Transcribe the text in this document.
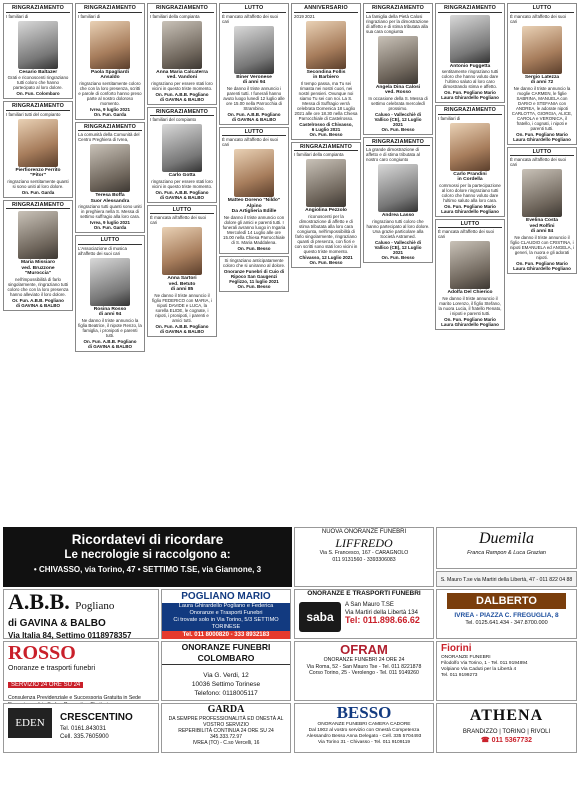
RINGRAZIAMENTO
I familiari di
Cesario Baltazer
Grati e riconoscenti ringraziano tutti coloro che hanno partecipato al loro dolore.
On. Fun. Colombaro
RINGRAZIAMENTO
I familiari tutti del compianto
Pierfiorenzo Ferrito
"Pitor"
ringraziano sentitamente quanti si sono uniti al loro dolore.
On. Fun. Garda
RINGRAZIAMENTO
Maria Missiaro
ved. Bruzzone
"Muroccia"
nell'impossibilità di farlo singolarmente, ringraziano tutti coloro che con la loro presenza hanno alleviato il loro dolore.
Or. Fun. A.B.B. Pogliano
di GAVINA & BALBO
RINGRAZIAMENTO
I familiari di
Paola Spagliardi
Ansaldo
ringraziano sentitamente coloro che con la loro presenza, scritti e parole di conforto hanno preso parte al nostro doloroso momento.
Ivrea, 9 luglio 2021
On. Fun. Garda
RINGRAZIAMENTO
La comunità della Comunità del Centro Preghiera di Ivrea,
Teresa Boffa
Suor Alessandra
ringraziano tutti quanti sono uniti in preghiera nella S. Messa di settimo suffragio alla loro cara.
Ivrea, 9 luglio 2021
On. Fun. Garda
LUTTO
L'Associazione di musica all'affetto dei suoi cari
Rosina Rosso
di anni 94
Ne danno il triste annuncio la figlia Beatrice, il nipote Renzo, la famiglia, i pronipoti e parenti tutti.
On. Fun. A.B.B. Pogliano
di GAVINA & BALBO
RINGRAZIAMENTO
I familiari della compianta
Anna Maria Calcaterra
ved. Vandoni
ringraziano per essere stati loro vicini in questo triste momento.
On. Fun. A.B.B. Pogliano
di GAVINA & BALBO
RINGRAZIAMENTO
I familiari del compianto
Carlo Gotta
ringraziano per essere stati loro vicini in questo triste momento.
On. Fun. A.B.B. Pogliano
di GAVINA & BALBO
LUTTO
È mancata all'affetto dei suoi cari
Anna Sartori
ved. Betuto
di anni 85
Ne danno il triste annuncio il figlio FEDERICO con MARIA, i nipoti DAVIDE e LUCA, la sorella ELIDE, le cognate, i nipoti, i pronipoti, i parenti e amici tutti.
On. Fun. A.B.B. Pogliano
di GAVINA & BALBO
LUTTO
È mancato all'affetto dei suoi cari
Biner Veronese
di anni 94
Ne danno il triste annuncio i parenti tutti. I funerali hanno avuto luogo lunedì 12 luglio alle ore 15.00 nella Parrocchia di Strambino.
On. Fun. A.B.B. Pogliano
di GAVINA & BALBO
LUTTO
È mancato all'affetto dei suoi cari
Matteo Doreno "Nildo"
Alpino
Da Artiglieria Edille
Ne danno il triste annuncio con dolore gli amici e parenti tutti. I funerali avranno luogo in Ingaria Mercoledì 14 Luglio alle ore 15.00 nella Chiesa Parrocchiale di S. Maria Maddalena.
On. Fun. Besso
Si ringraziano anticipatamente coloro che si uniranno al dolore.
Onoranze Funebri di Cuio di
Ripoco San Gaugenzi
Feglizzo, 11 luglio 2021
On. Fun. Besso
ANNIVERSARIO
2019 2021
Secondina Follis
in Barbiero
Il tempo passa, ma Tu sei rimasta nei nostri cuori, nei nostri pensieri. Ovunque noi siamo Tu sei con noi. La S. Messa di Suffragio verrà celebrata Domenica 18 Luglio 2021 alle ore 18.30 nella Chiesa Parrocchiale di Castelrosso.
Castelrosso di Chivasso,
6 Luglio 2021
On. Fun. Besso
RINGRAZIAMENTO
I familiari della compianta
Angiolina Pezzolo
riconoscenti per la dimostrazione di affetto e di stima tributata alla loro cara congiunta, nell'impossibilità di farlo singolarmente, ringraziano quanti di presenza, con fiori e con scritti sono stati loro vicini in questo triste momento.
Chivasso, 12 Luglio 2021
On. Fun. Besso
RINGRAZIAMENTO
La famiglia della Pietà Calosi ringraziano per la dimostrazione di affetto e di stima tributata alla sua cara congiunta
Angela Dina Calosi
ved. Rosso
In occasione della S. Messa di settimo celebrata mercoledì prossimo.
Caluso - Vallecchiè di
Vallico (CE), 12 Luglio
2021
On. Fun. Besso
RINGRAZIAMENTO
La grande dimostrazione di affetto e di stima tributata al nostro caro congiunto
Andrea Lasso
ringraziano tutti coloro che hanno partecipato al loro dolore. Una grazie particolare alla Società Astramed.
Caluso - Vallecchiè di
Vallico (CE), 12 Luglio
2021
On. Fun. Besso
RINGRAZIAMENTO
Antonio Fuggetta
sentitamente ringraziano tutti coloro che hanno voluto dare l'ultimo saluto al loro caro dimostrando stima e affetto.
On. Fun. Pogliano Mario
Laura Ghirardello Pogliano
RINGRAZIAMENTO
I familiari di
Carlo Prandini
in Cordella
commossi per la partecipazione al loro dolore ringraziano tutti coloro che hanno voluto dare l'ultimo saluto alla loro cara.
On. Fun. Pogliano Mario
Laura Ghirardello Pogliano
LUTTO
È mancata all'affetto dei suoi cari
Adolfa Del Chierico
Ne danno il triste annuncio il marito Lorenzo, il figlio Stefano, la nuora Lucia, il fratello Renato, i nipoti e parenti tutti.
On. Fun. Pogliano Mario
Laura Ghirardello Pogliano
LUTTO
È mancato all'affetto dei suoi cari
Sergio Latezza
di anni 72
Ne danno il triste annuncio la moglie CARMEN, le figlie SABRINA, MANUELA con DARIO e STEFANIA con ANDREA, le adorate nipoti CARLOTTA, GIORGIA, ALICE, CAROLA e VERONICA, il fratello, i cognati, i nipoti e parenti tutti.
On. Fun. Pogliano Mario
Laura Ghirardello Pogliano
LUTTO
È mancata all'affetto dei suoi cari
Evelina Costa
ved Rolfini
di anni 84
Ne danno il triste annuncio il figlio CLAUDIO con CRISTINA, i nipoti EMANUELA ed ANGELA, i generi, la nuora e gli adorati nipoti.
On. Fun. Pogliano Mario
Laura Ghirardello Pogliano
Ricordatevi di ricordare
Le necrologie si raccolgono a:
• CHIVASSO, via Torino, 47 • SETTIMO T.SE, via Giannone, 3
A.B.B. Pogliano
di GAVINA & BALBO
Via Italia 84, Settimo 0118978357
POGLIANO MARIO
Laura Ghirardello Pogliano e Federica
Onoranze e Trasporti Funebri
Ci trovate solo in Via Torino, 5/3 SETTIMO TORINESE
Tel. 011 8000820 - 333 8932183
ROSSO
Onoranze e trasporti funebri
SERVIZIO 24 ORE SU 24
Consulenza Previdenziale e Successoria Gratuita in Sede

ONORANZE FUNEBRI COLOMBARO
Via G. Verdi, 12
10036 Settimo Torinese
Telefono: 0118005117
EDEN	CRESCENTINO
Tel. 0161.843031
Cell. 335.7605900
GARDA
DA SEMPRE PROFESSIONALITÀ ED ONESTÀ AL VOSTRO SERVIZIO
REPERIBILITÀ CONTINUA 24 ORE SU 24
345.333.72.97
IVREA (TO) - C.so Vercelli, 16
NUOVA ONORANZE FUNEBRI
LIFFREDO
Via S. Francesco, 167 - CARAGNOLO
011 9131560 - 3393306083
Duemila
Franca Rampon & Luca Grazian
S. Mauro T.se via Martiri della Libertà, 47 - 011 822 04 88
ONORANZE E TRASPORTI FUNEBRI
saba
A San Mauro T.SE
Via Martiri della Libertà 134
Tel: 011.898.66.62
DALBERTO
IVREA - PIAZZA C. FREGUGLIA, 8
Tel. 0125.641.434 - 347.8700.000
OFRAM
ONORANZE FUNEBRI 24 ORE 24
Via Roma, 52 - San Mauro Tse - Tel. 011 8221878
Corso Torino, 25 - Verolengo - Tel. 011 9149260
Fiorini
ONORANZE FUNEBRI
Filodolfo Via Torino, 1 - Tel. 011 9194894
Volpiano Via Caduti per la Libertà 4
Tel. 011 9199273
BESSO
ONORANZE FUNEBRI CAMERA CADORE
Dal 1902 al vostro servizio con Onestà Competenza
Alessandro Besso Anna Delegato - Cell. 335 5704493
Via Torino 31 - Chivasso - Tel. 011 9109119
ATHENA
BRANDIZZO | TORINO | RIVOLI
☎ 011 5367732
